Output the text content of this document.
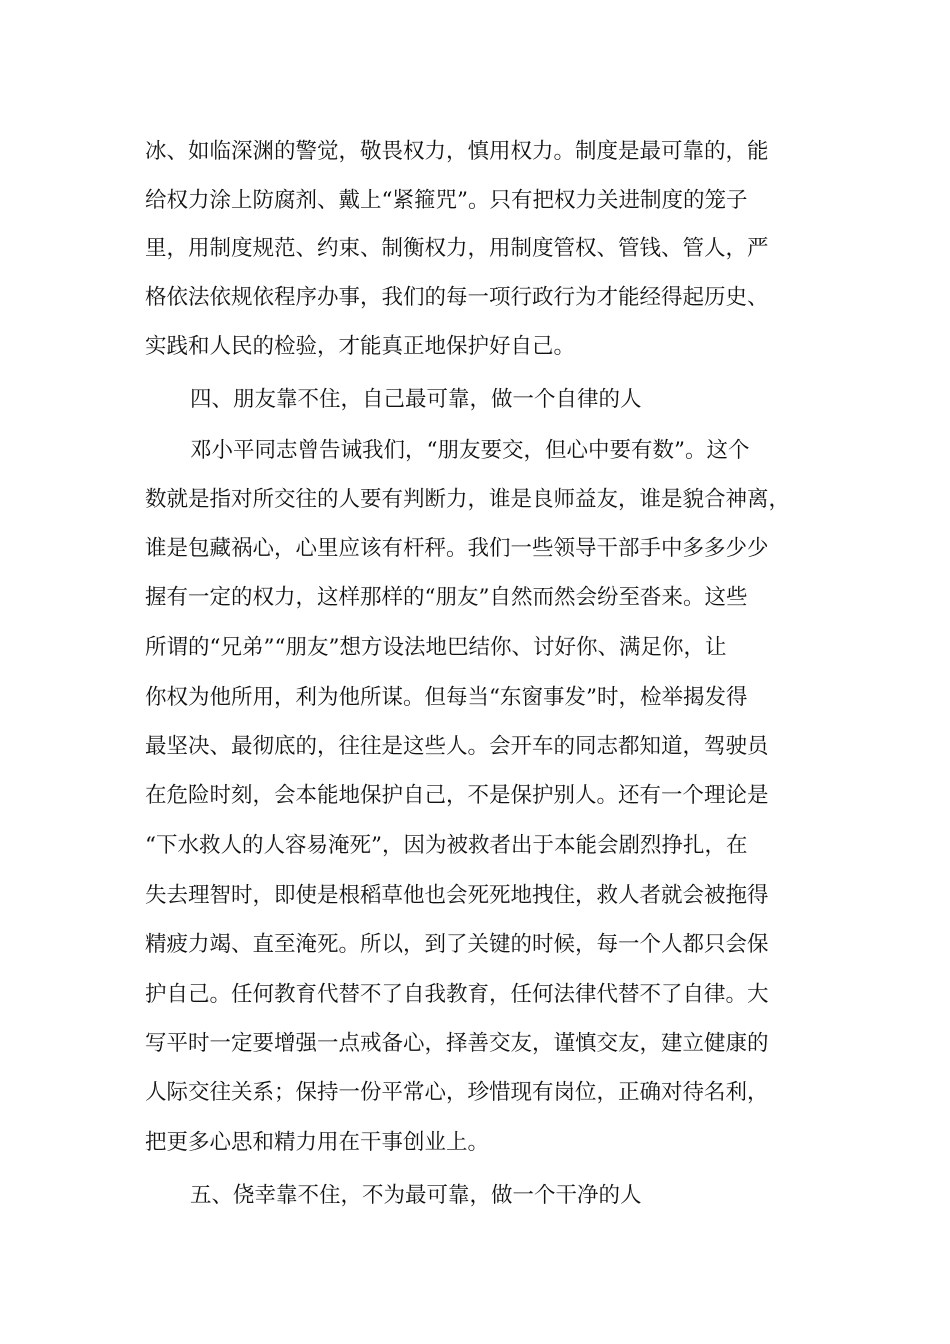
冰、如临深渊的警觉，敬畏权力，慎用权力。制度是最可靠的，能
给权力涂上防腐剂、戴上“紧箍咒”。只有把权力关进制度的笼子
里，用制度规范、约束、制衡权力，用制度管权、管钱、管人，严
格依法依规依程序办事，我们的每一项行政行为才能经得起历史、
实践和人民的检验，才能真正地保护好自己。
四、朋友靠不住，自己最可靠，做一个自律的人
邓小平同志曾告诫我们，“朋友要交，但心中要有数”。这个
数就是指对所交往的人要有判断力，谁是良师益友，谁是貌合神离，
谁是包藏祸心，心里应该有杆秤。我们一些领导干部手中多多少少
握有一定的权力，这样那样的“朋友”自然而然会纷至沓来。这些
所谓的“兄弟”“朋友”想方设法地巴结你、讨好你、满足你，让
你权为他所用，利为他所谋。但每当“东窗事发”时，检举揭发得
最坚决、最彻底的，往往是这些人。会开车的同志都知道，驾驶员
在危险时刻，会本能地保护自己，不是保护别人。还有一个理论是
“下水救人的人容易淹死”，因为被救者出于本能会剧烈挣扎，在
失去理智时，即使是根稻草他也会死死地拽住，救人者就会被拖得
精疲力竭、直至淹死。所以，到了关键的时候，每一个人都只会保
护自己。任何教育代替不了自我教育，任何法律代替不了自律。大
写平时一定要增强一点戒备心，择善交友，谨慎交友，建立健康的
人际交往关系；保持一份平常心，珍惜现有岗位，正确对待名利，
把更多心思和精力用在干事创业上。
五、侥幸靠不住，不为最可靠，做一个干净的人
